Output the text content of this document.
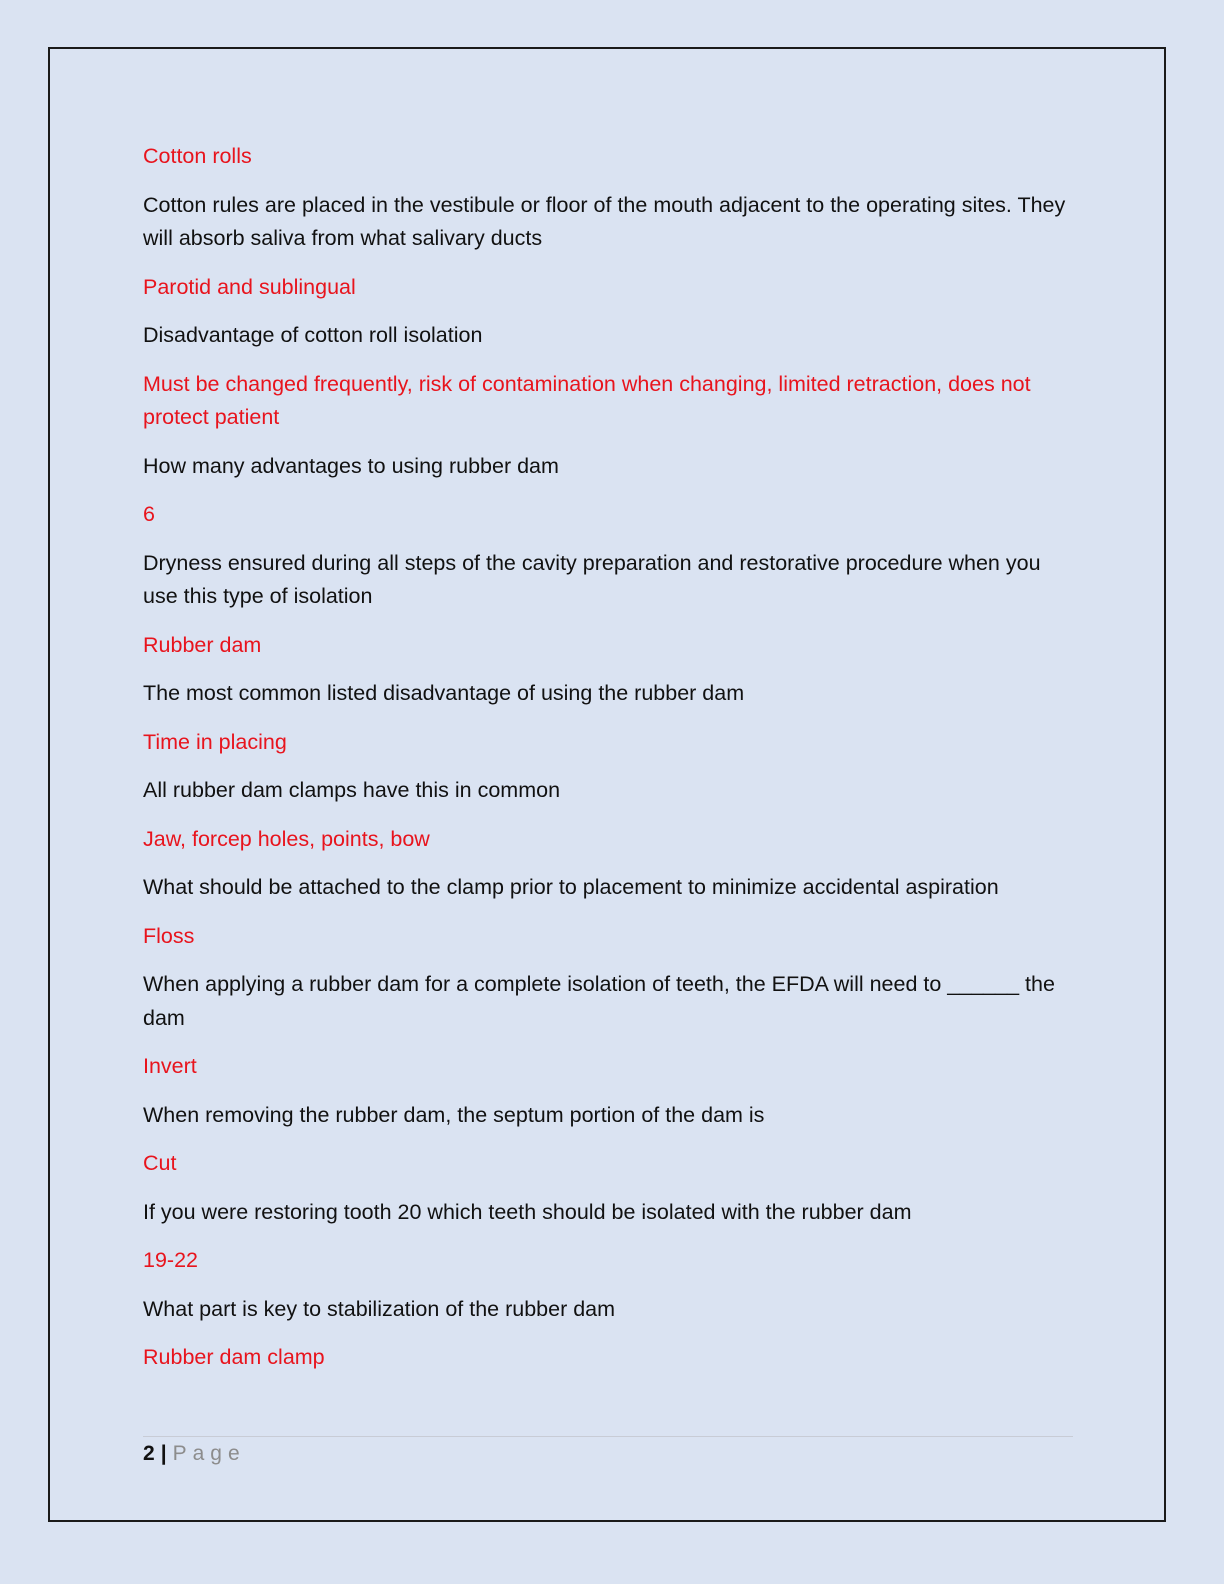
Cotton rolls

Cotton rules are placed in the vestibule or floor of the mouth adjacent to the operating sites. They will absorb saliva from what salivary ducts

Parotid and sublingual

Disadvantage of cotton roll isolation

Must be changed frequently, risk of contamination when changing, limited retraction, does not protect patient

How many advantages to using rubber dam

6

Dryness ensured during all steps of the cavity preparation and restorative procedure when you use this type of isolation

Rubber dam

The most common listed disadvantage of using the rubber dam

Time in placing

All rubber dam clamps have this in common

Jaw, forcep holes, points, bow

What should be attached to the clamp prior to placement to minimize accidental aspiration

Floss

When applying a rubber dam for a complete isolation of teeth, the EFDA will need to ______ the dam

Invert

When removing the rubber dam, the septum portion of the dam is

Cut

If you were restoring tooth 20 which teeth should be isolated with the rubber dam

19-22

What part is key to stabilization of the rubber dam

Rubber dam clamp

2 | Page
